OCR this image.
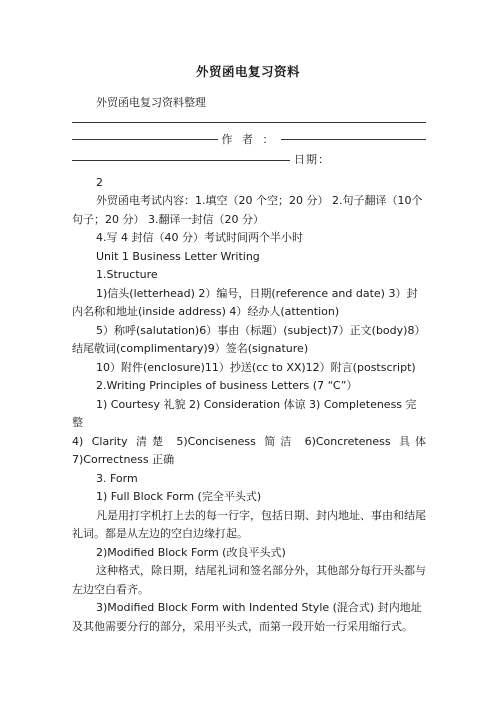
外贸函电复习资料

外贸函电复习资料整理

作 者 ：
日期：

2

外贸函电考试内容：1.填空（20 个空；20 分） 2.句子翻译（10个句子；20 分） 3.翻译一封信（20 分）

4.写 4 封信（40 分）考试时间两个半小时

Unit 1 Business Letter Writing

1.Structure

1)信头(letterhead) 2）编号，日期(reference and date) 3）封内名称和地址(inside address) 4）经办人(attention)

5）称呼(salutation)6）事由（标题）(subject)7）正文(body)8）结尾敬词(complimentary)9）签名(signature)

10）附件(enclosure)11）抄送(cc to XX)12）附言(postscript)

2.Writing Principles of business Letters (7 “C”）

1) Courtesy 礼貌 2) Consideration 体谅 3) Completeness 完整

4) Clarity 清楚 5)Conciseness 简洁 6)Concreteness 具体

7)Correctness 正确

3. Form

1) Full Block Form (完全平头式)

凡是用打字机打上去的每一行字，包括日期、封内地址、事由和结尾礼词。都是从左边的空白边缘打起。

2)Modified Block Form (改良平头式)

这种格式，除日期，结尾礼词和签名部分外，其他部分每行开头都与左边空白看齐。

3)Modified Block Form with Indented Style (混合式) 封内地址及其他需要分行的部分，采用平头式，而第一段开始一行采用缩行式。
